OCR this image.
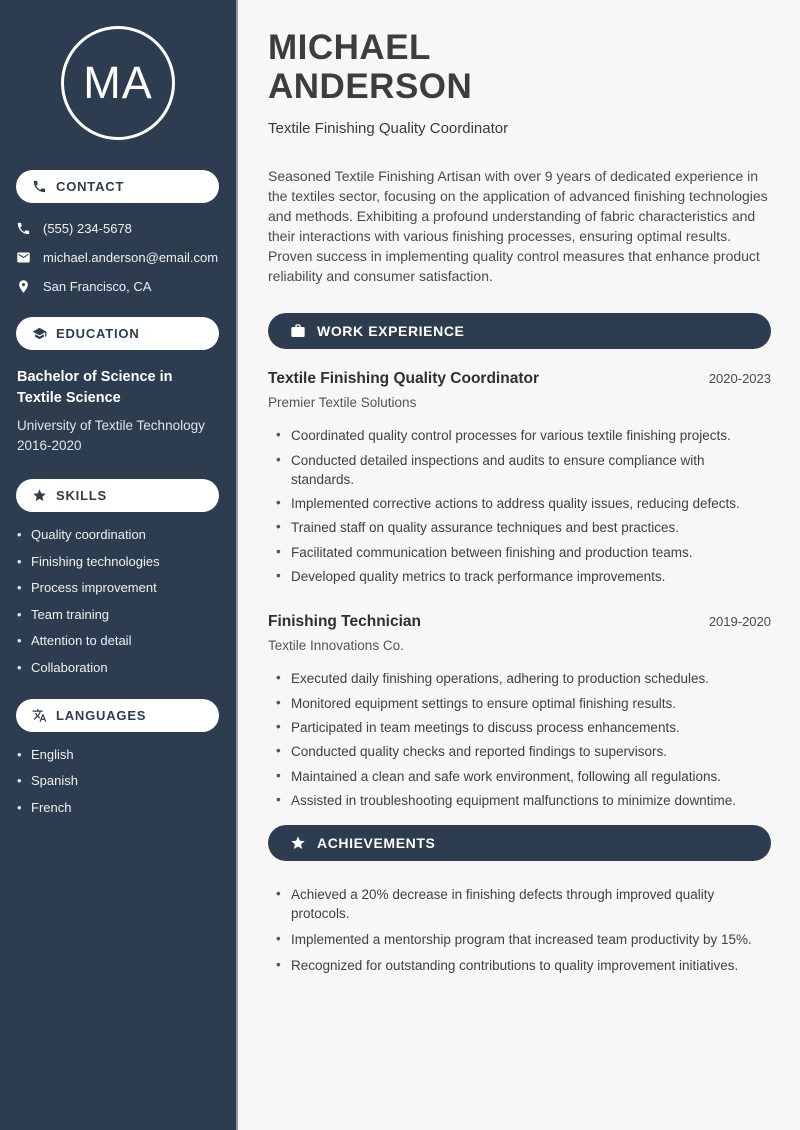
MA
CONTACT
(555) 234-5678
michael.anderson@email.com
San Francisco, CA
EDUCATION
Bachelor of Science in Textile Science
University of Textile Technology
2016-2020
SKILLS
• Quality coordination
• Finishing technologies
• Process improvement
• Team training
• Attention to detail
• Collaboration
LANGUAGES
• English
• Spanish
• French
MICHAEL
ANDERSON
Textile Finishing Quality Coordinator

Seasoned Textile Finishing Artisan with over 9 years of dedicated experience in the textiles sector, focusing on the application of advanced finishing technologies and methods. Exhibiting a profound understanding of fabric characteristics and their interactions with various finishing processes, ensuring optimal results. Proven success in implementing quality control measures that enhance product reliability and consumer satisfaction.

WORK EXPERIENCE
Textile Finishing Quality Coordinator	2020-2023
Premier Textile Solutions
• Coordinated quality control processes for various textile finishing projects.
• Conducted detailed inspections and audits to ensure compliance with standards.
• Implemented corrective actions to address quality issues, reducing defects.
• Trained staff on quality assurance techniques and best practices.
• Facilitated communication between finishing and production teams.
• Developed quality metrics to track performance improvements.
Finishing Technician	2019-2020
Textile Innovations Co.
• Executed daily finishing operations, adhering to production schedules.
• Monitored equipment settings to ensure optimal finishing results.
• Participated in team meetings to discuss process enhancements.
• Conducted quality checks and reported findings to supervisors.
• Maintained a clean and safe work environment, following all regulations.
• Assisted in troubleshooting equipment malfunctions to minimize downtime.
ACHIEVEMENTS
• Achieved a 20% decrease in finishing defects through improved quality protocols.
• Implemented a mentorship program that increased team productivity by 15%.
• Recognized for outstanding contributions to quality improvement initiatives.
